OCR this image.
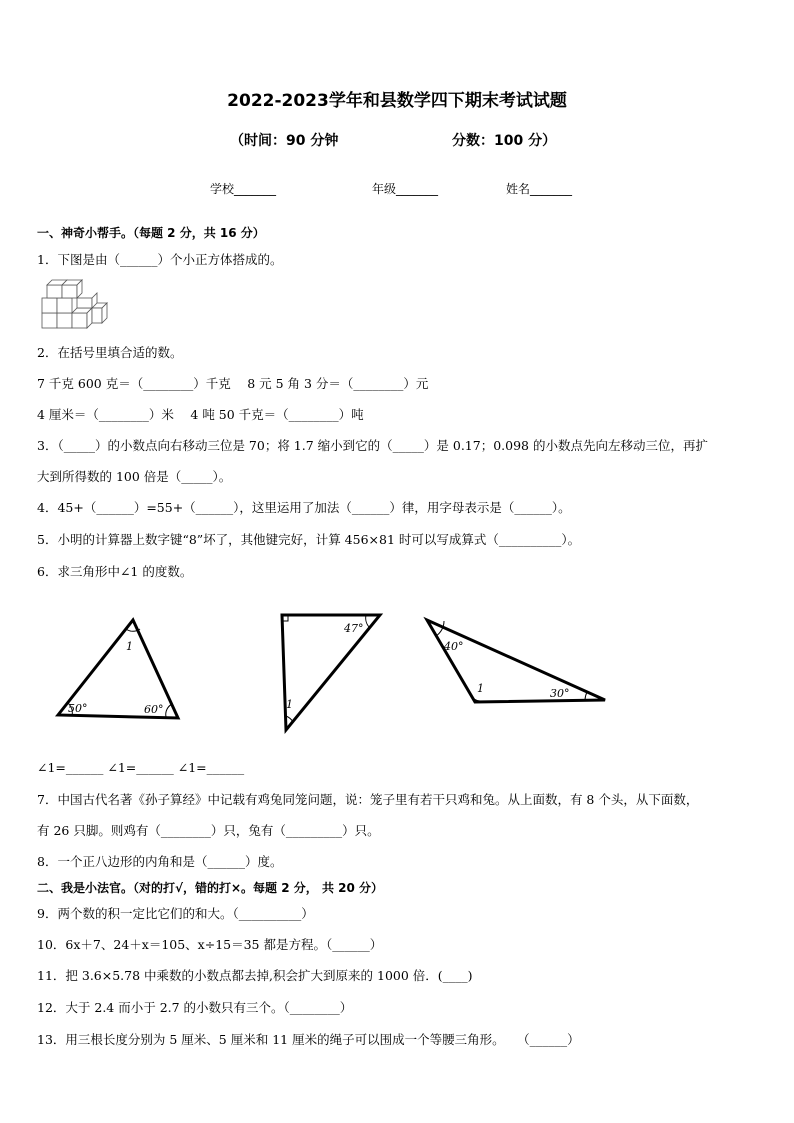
2022-2023学年和县数学四下期末考试试题
（时间：90 分钟	分数：100 分）
学校_______	年级_______	姓名_______
一、神奇小帮手。（每题 2 分，共 16 分）
1．下图是由（______）个小正方体搭成的。
2．在括号里填合适的数。
7 千克 600 克＝（________）千克　 8 元 5 角 3 分＝（________）元
4 厘米＝（________）米　 4 吨 50 千克＝（________）吨
3．（_____）的小数点向右移动三位是 70；将 1.7 缩小到它的（_____）是 0.17；0.098 的小数点先向左移动三位，再扩
大到所得数的 100 倍是（_____）。
4．45+（______）=55+（______），这里运用了加法（______）律，用字母表示是（______）。
5．小明的计算器上数字键“8”坏了，其他键完好，计算 456×81 时可以写成算式（__________）。
6．求三角形中∠1 的度数。
1
50°	60°
47°
1
40°
1	30°
∠1=______ ∠1=______ ∠1=______
7．中国古代名著《孙子算经》中记载有鸡兔同笼问题，说：笼子里有若干只鸡和兔。从上面数，有 8 个头，从下面数，
有 26 只脚。则鸡有（________）只，兔有（_________）只。
8．一个正八边形的内角和是（______）度。
二、我是小法官。（对的打√，错的打×。每题 2 分， 共 20 分）
9．两个数的积一定比它们的和大。（__________）
10．6x＋7、24＋x＝105、x÷15＝35 都是方程。（______）
11．把 3.6×5.78 中乘数的小数点都去掉,积会扩大到原来的 1000 倍．(____)
12．大于 2.4 而小于 2.7 的小数只有三个。（________）
13．用三根长度分别为 5 厘米、5 厘米和 11 厘米的绳子可以围成一个等腰三角形。　　（______）
